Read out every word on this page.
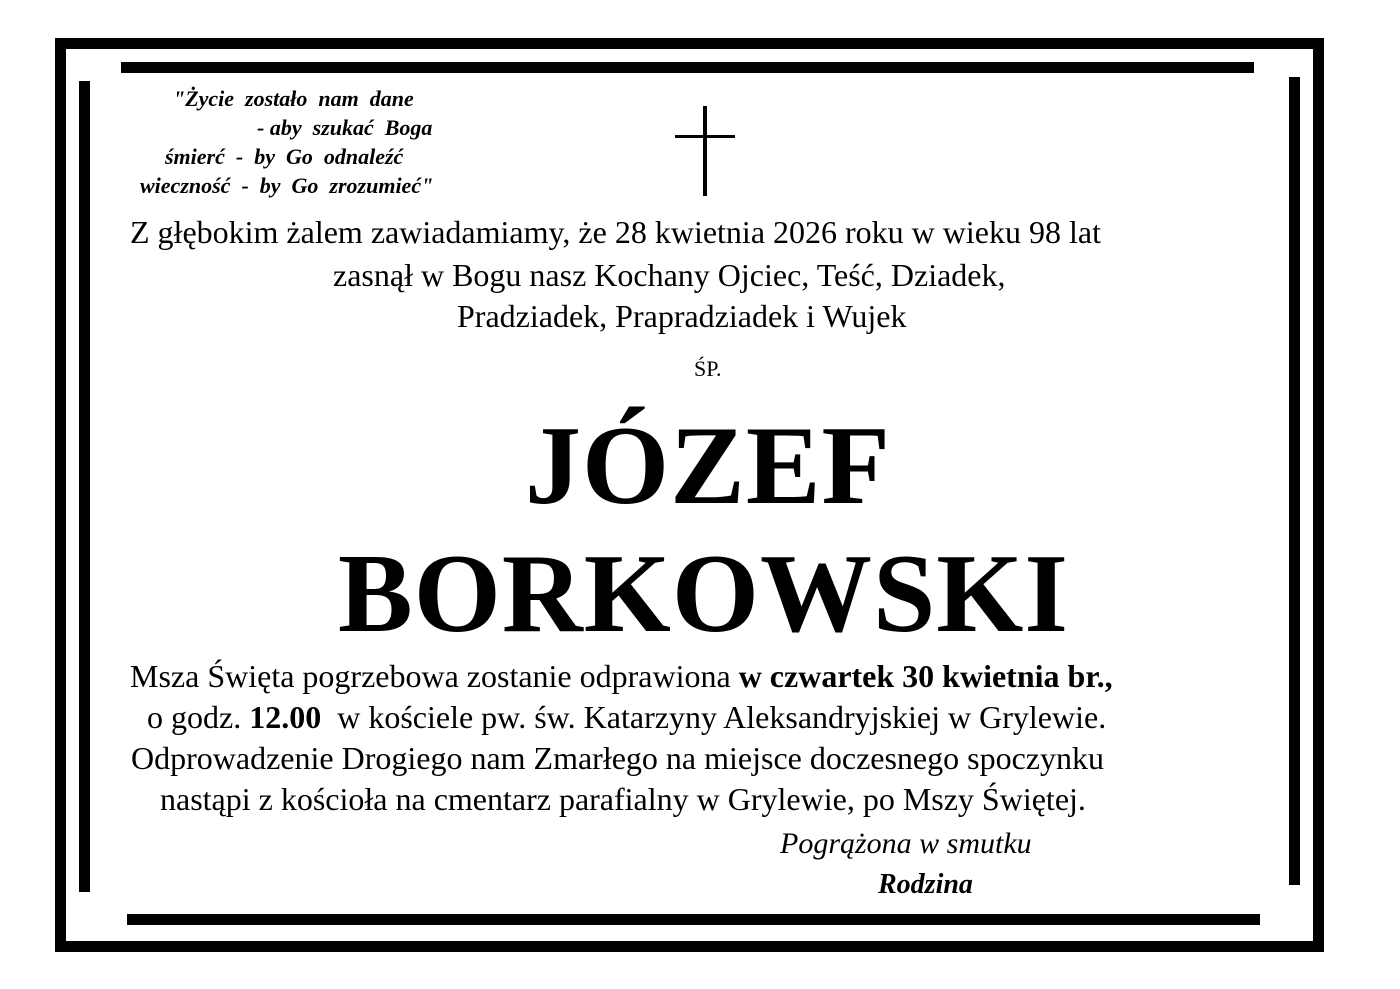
"Życie  zostało  nam  dane
- aby  szukać  Boga
śmierć  -  by  Go  odnaleźć
wieczność  -  by  Go  zrozumieć"
Z głębokim żalem zawiadamiamy, że 28 kwietnia 2026 roku w wieku 98 lat
zasnął w Bogu nasz Kochany Ojciec, Teść, Dziadek,
Pradziadek, Prapradziadek i Wujek
ŚP.
JÓZEF
BORKOWSKI
Msza Święta pogrzebowa zostanie odprawiona w czwartek 30 kwietnia br.,
o godz. 12.00  w kościele pw. św. Katarzyny Aleksandryjskiej w Grylewie.
Odprowadzenie Drogiego nam Zmarłego na miejsce doczesnego spoczynku
nastąpi z kościoła na cmentarz parafialny w Grylewie, po Mszy Świętej.
Pogrążona w smutku
Rodzina
